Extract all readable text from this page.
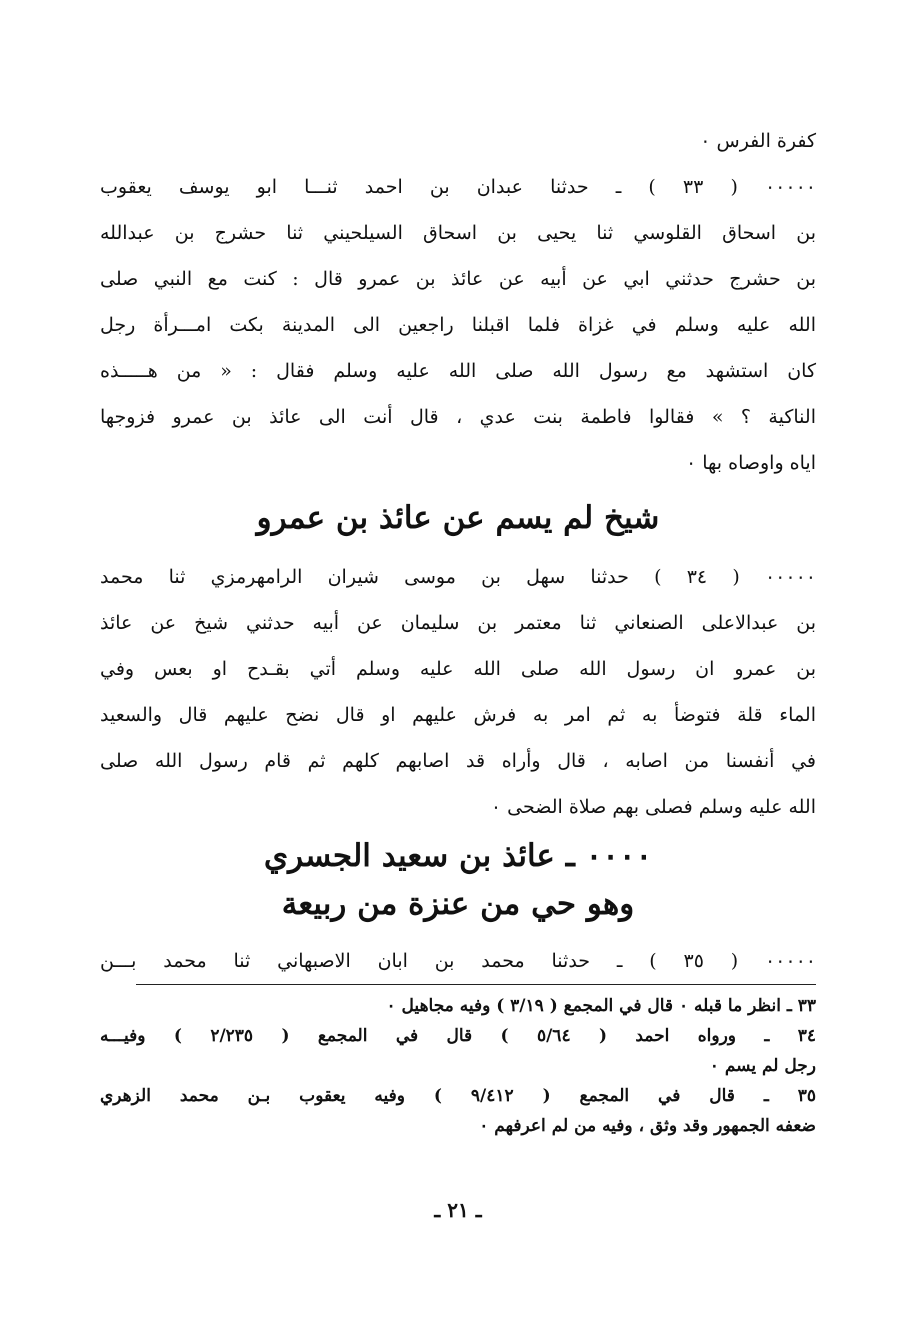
كفرة الفرس ٠
٠٠٠٠٠ ( ٣٣ ) ـ حدثنا عبدان بن احمد ثنـــا ابو يوسف يعقوب
بن اسحاق القلوسي ثنا يحيى بن اسحاق السيلحيني ثنا حشرج بن عبدالله
بن حشرج حدثني ابي عن أبيه عن عائذ بن عمرو قال : كنت مع النبي صلى
الله عليه وسلم في غزاة فلما اقبلنا راجعين الى المدينة بكت امـــرأة رجل
كان استشهد مع رسول الله صلى الله عليه وسلم فقال : « من هـــــذه
الناكية ؟ » فقالوا فاطمة بنت عدي ، قال أنت الى عائذ بن عمرو فزوجها
اياه واوصاه بها ٠
شيخ لم يسم عن عائذ بن عمرو
٠٠٠٠٠ ( ٣٤ ) حدثنا سهل بن موسى شيران الرامهرمزي ثنا محمد
بن عبدالاعلى الصنعاني ثنا معتمر بن سليمان عن أبيه حدثني شيخ عن عائذ
بن عمرو ان رسول الله صلى الله عليه وسلم أتي بقـدح او بعس وفي
الماء قلة فتوضأ به ثم امر به فرش عليهم او قال نضح عليهم قال والسعيد
في أنفسنا من اصابه ، قال وأراه قد اصابهم كلهم ثم قام رسول الله صلى
الله عليه وسلم فصلى بهم صلاة الضحى ٠
٠٠٠٠ ـ عائذ بن سعيد الجسري
وهو حي من عنزة من ربيعة
٠٠٠٠٠ ( ٣٥ ) ـ حدثنا محمد بن ابان الاصبهاني ثنا محمد بـــن
٣٣ ـ انظر ما قبله ٠ قال في المجمع ( ٣/١٩ ) وفيه مجاهيل ٠
٣٤ ـ ورواه احمد ( ٥/٦٤ ) قال في المجمع ( ٢/٢٣٥ ) وفيـــه
رجل لم يسم ٠
٣٥ ـ قال في المجمع ( ٩/٤١٢ ) وفيه يعقوب بـن محمد الزهري
ضعفه الجمهور وقد وثق ، وفيه من لم اعرفهم ٠
ـ ٢١ ـ
